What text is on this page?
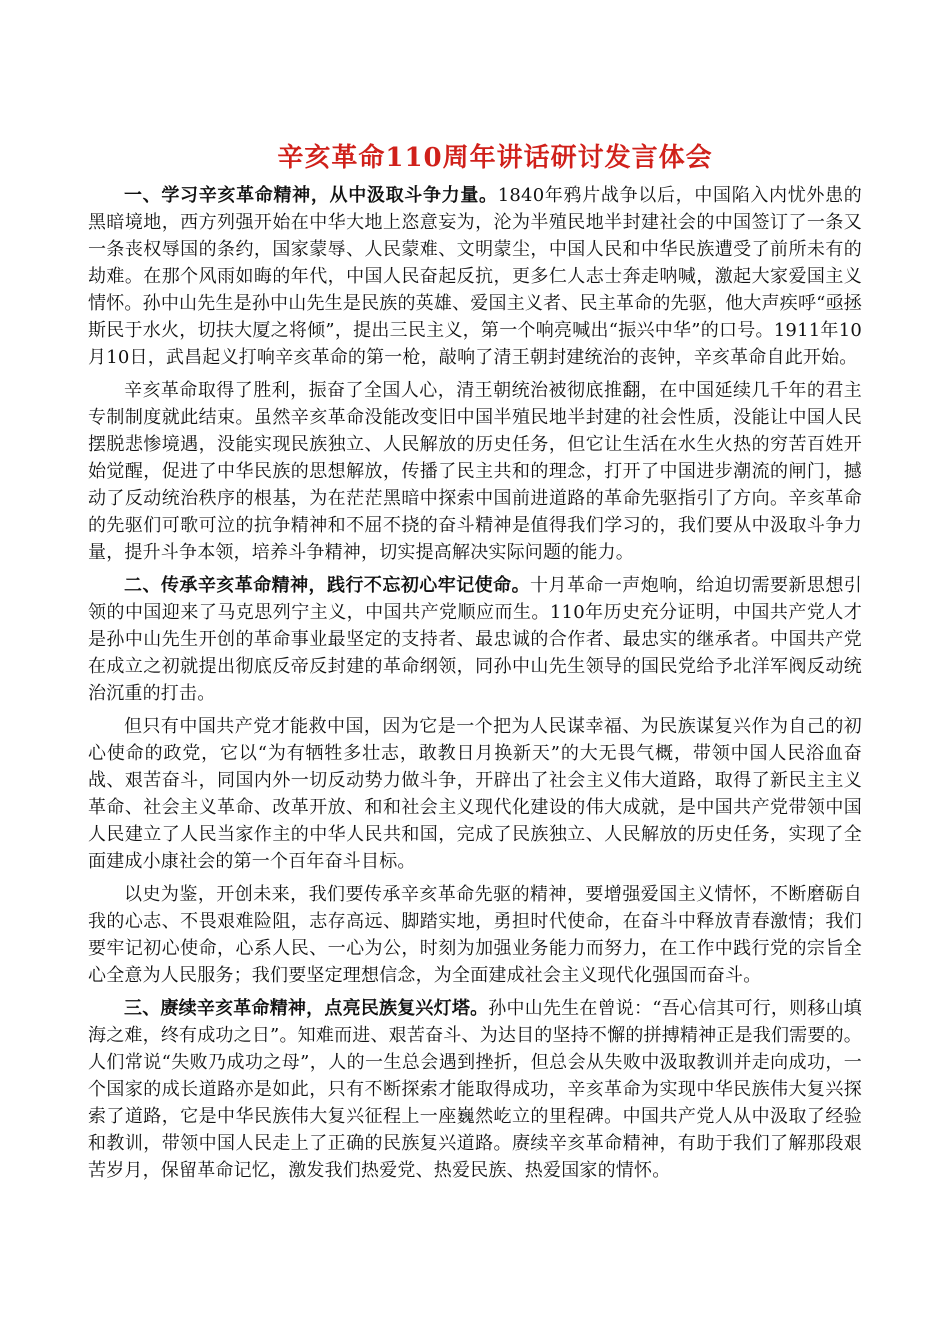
辛亥革命110周年讲话研讨发言体会

一、学习辛亥革命精神，从中汲取斗争力量。1840年鸦片战争以后，中国陷入内忧外患的黑暗境地，西方列强开始在中华大地上恣意妄为，沦为半殖民地半封建社会的中国签订了一条又一条丧权辱国的条约，国家蒙辱、人民蒙难、文明蒙尘，中国人民和中华民族遭受了前所未有的劫难。在那个风雨如晦的年代，中国人民奋起反抗，更多仁人志士奔走呐喊，激起大家爱国主义情怀。孙中山先生是孙中山先生是民族的英雄、爱国主义者、民主革命的先驱，他大声疾呼“亟拯斯民于水火，切扶大厦之将倾”，提出三民主义，第一个响亮喊出“振兴中华”的口号。1911年10月10日，武昌起义打响辛亥革命的第一枪，敲响了清王朝封建统治的丧钟，辛亥革命自此开始。

辛亥革命取得了胜利，振奋了全国人心，清王朝统治被彻底推翻，在中国延续几千年的君主专制制度就此结束。虽然辛亥革命没能改变旧中国半殖民地半封建的社会性质，没能让中国人民摆脱悲惨境遇，没能实现民族独立、人民解放的历史任务，但它让生活在水生火热的穷苦百姓开始觉醒，促进了中华民族的思想解放，传播了民主共和的理念，打开了中国进步潮流的闸门，撼动了反动统治秩序的根基，为在茫茫黑暗中探索中国前进道路的革命先驱指引了方向。辛亥革命的先驱们可歌可泣的抗争精神和不屈不挠的奋斗精神是值得我们学习的，我们要从中汲取斗争力量，提升斗争本领，培养斗争精神，切实提高解决实际问题的能力。

二、传承辛亥革命精神，践行不忘初心牢记使命。十月革命一声炮响，给迫切需要新思想引领的中国迎来了马克思列宁主义，中国共产党顺应而生。110年历史充分证明，中国共产党人才是孙中山先生开创的革命事业最坚定的支持者、最忠诚的合作者、最忠实的继承者。中国共产党在成立之初就提出彻底反帝反封建的革命纲领，同孙中山先生领导的国民党给予北洋军阀反动统治沉重的打击。

但只有中国共产党才能救中国，因为它是一个把为人民谋幸福、为民族谋复兴作为自己的初心使命的政党，它以“为有牺牲多壮志，敢教日月换新天”的大无畏气概，带领中国人民浴血奋战、艰苦奋斗，同国内外一切反动势力做斗争，开辟出了社会主义伟大道路，取得了新民主主义革命、社会主义革命、改革开放、和和社会主义现代化建设的伟大成就，是中国共产党带领中国人民建立了人民当家作主的中华人民共和国，完成了民族独立、人民解放的历史任务，实现了全面建成小康社会的第一个百年奋斗目标。

以史为鉴，开创未来，我们要传承辛亥革命先驱的精神，要增强爱国主义情怀，不断磨砺自我的心志、不畏艰难险阻，志存高远、脚踏实地，勇担时代使命，在奋斗中释放青春激情；我们要牢记初心使命，心系人民、一心为公，时刻为加强业务能力而努力，在工作中践行党的宗旨全心全意为人民服务；我们要坚定理想信念，为全面建成社会主义现代化强国而奋斗。

三、赓续辛亥革命精神，点亮民族复兴灯塔。孙中山先生在曾说：“吾心信其可行，则移山填海之难，终有成功之日”。知难而进、艰苦奋斗、为达目的坚持不懈的拼搏精神正是我们需要的。人们常说“失败乃成功之母”，人的一生总会遇到挫折，但总会从失败中汲取教训并走向成功，一个国家的成长道路亦是如此，只有不断探索才能取得成功，辛亥革命为实现中华民族伟大复兴探索了道路，它是中华民族伟大复兴征程上一座巍然屹立的里程碑。中国共产党人从中汲取了经验和教训，带领中国人民走上了正确的民族复兴道路。赓续辛亥革命精神，有助于我们了解那段艰苦岁月，保留革命记忆，激发我们热爱党、热爱民族、热爱国家的情怀。
